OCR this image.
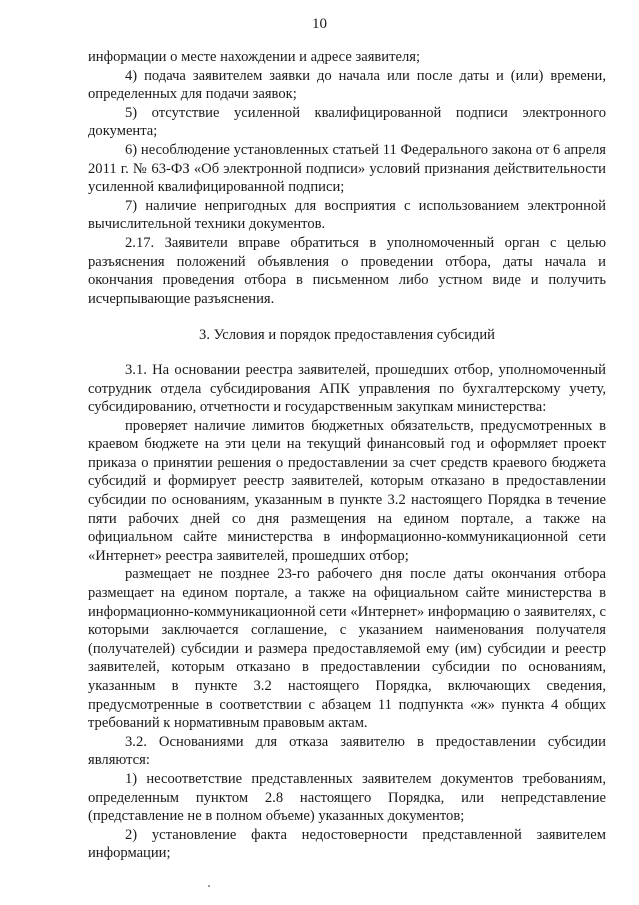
10

информации о месте нахождении и адресе заявителя;

4) подача заявителем заявки до начала или после даты и (или) времени, определенных для подачи заявок;

5) отсутствие усиленной квалифицированной подписи электронного документа;

6) несоблюдение установленных статьей 11 Федерального закона от 6 апреля 2011 г. № 63-ФЗ «Об электронной подписи» условий признания действительности усиленной квалифицированной подписи;

7) наличие непригодных для восприятия с использованием электронной вычислительной техники документов.

2.17. Заявители вправе обратиться в уполномоченный орган с целью разъяснения положений объявления о проведении отбора, даты начала и окончания проведения отбора в письменном либо устном виде и получить исчерпывающие разъяснения.

3. Условия и порядок предоставления субсидий

3.1. На основании реестра заявителей, прошедших отбор, уполномоченный сотрудник отдела субсидирования АПК управления по бухгалтерскому учету, субсидированию, отчетности и государственным закупкам министерства:

проверяет наличие лимитов бюджетных обязательств, предусмотренных в краевом бюджете на эти цели на текущий финансовый год и оформляет проект приказа о принятии решения о предоставлении за счет средств краевого бюджета субсидий и формирует реестр заявителей, которым отказано в предоставлении субсидии по основаниям, указанным в пункте 3.2 настоящего Порядка в течение пяти рабочих дней со дня размещения на едином портале, а также на официальном сайте министерства в информационно-коммуникационной сети «Интернет» реестра заявителей, прошедших отбор;

размещает не позднее 23-го рабочего дня после даты окончания отбора размещает на едином портале, а также на официальном сайте министерства в информационно-коммуникационной сети «Интернет» информацию о заявителях, с которыми заключается соглашение, с указанием наименования получателя (получателей) субсидии и размера предоставляемой ему (им) субсидии и реестр заявителей, которым отказано в предоставлении субсидии по основаниям, указанным в пункте 3.2 настоящего Порядка, включающих сведения, предусмотренные в соответствии с абзацем 11 подпункта «ж» пункта 4 общих требований к нормативным правовым актам.

3.2. Основаниями для отказа заявителю в предоставлении субсидии являются:

1) несоответствие представленных заявителем документов требованиям, определенным пунктом 2.8 настоящего Порядка, или непредставление (представление не в полном объеме) указанных документов;

2) установление факта недостоверности представленной заявителем информации;
